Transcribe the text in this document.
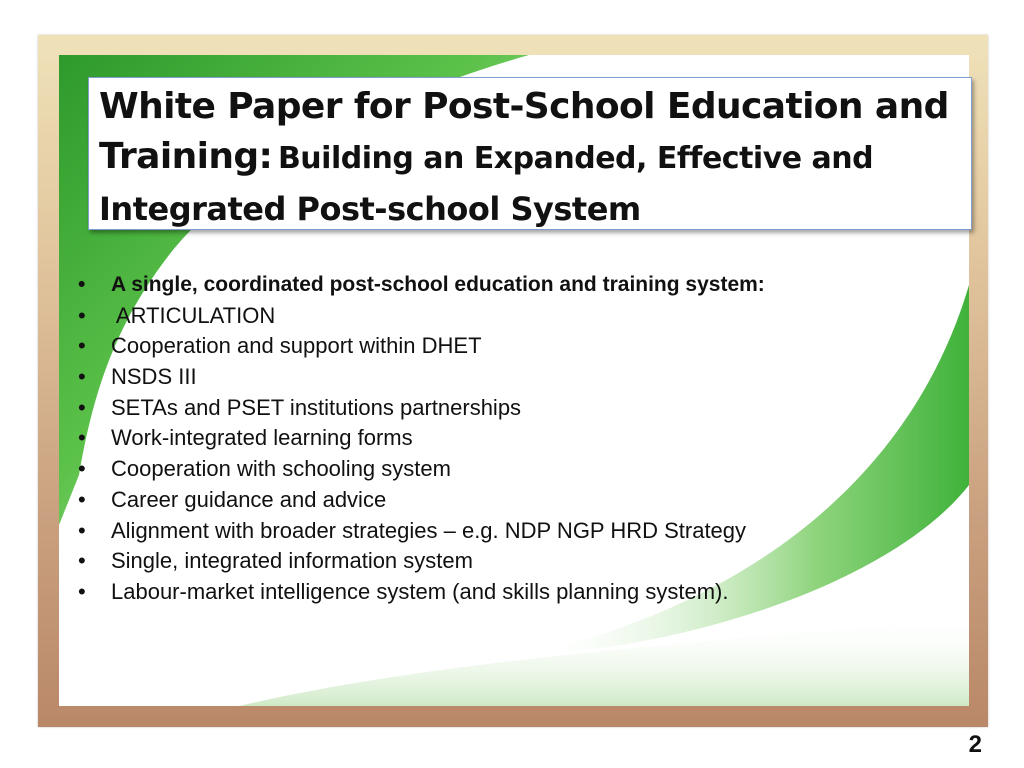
White Paper for Post-School Education and
Training: Building an Expanded, Effective and
Integrated Post-school System
• A single, coordinated post-school education and training system:
• ARTICULATION
• Cooperation and support within DHET
• NSDS III
• SETAs and PSET institutions partnerships
• Work-integrated learning forms
• Cooperation with schooling system
• Career guidance and advice
• Alignment with broader strategies – e.g. NDP NGP HRD Strategy
• Single, integrated information system
• Labour-market intelligence system (and skills planning system).
2
